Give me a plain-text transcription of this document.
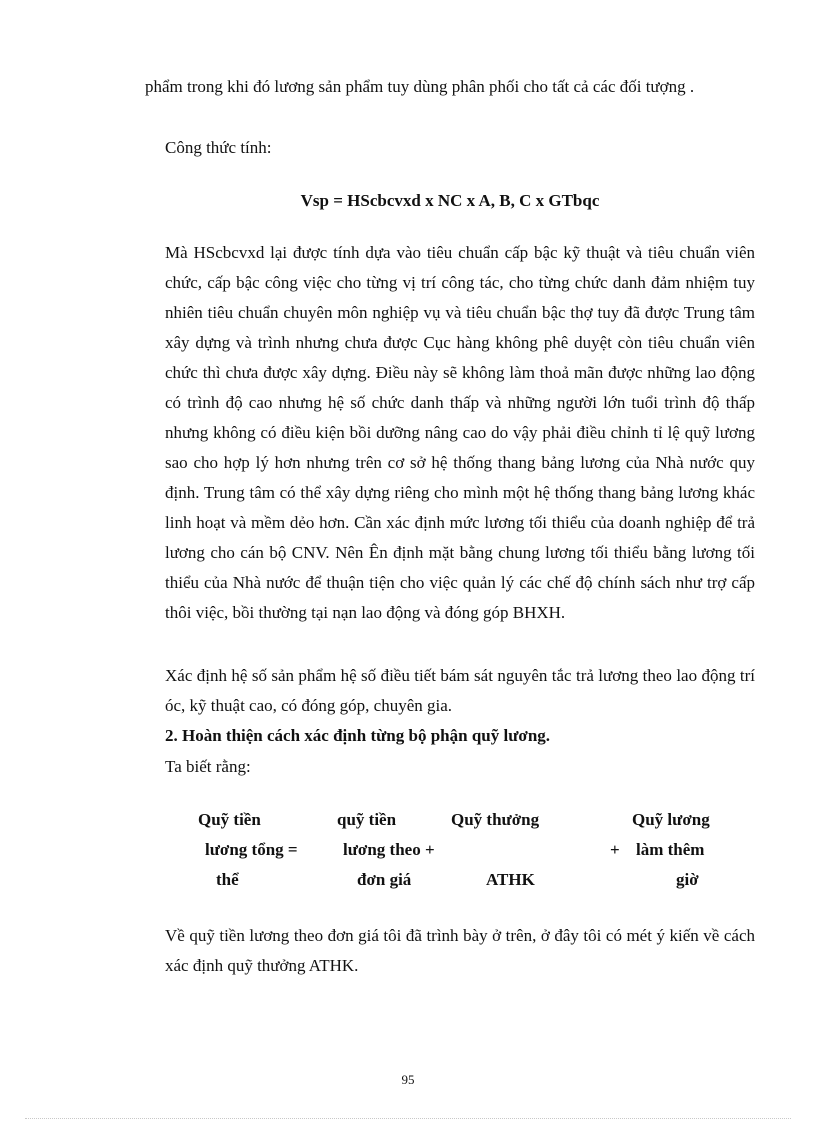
phẩm trong khi đó lương sản phẩm tuy dùng phân phối cho tất cả các đối tượng .

Công thức tính:

Vsp = HScbcvxd x NC x A, B, C x GTbqc

Mà HScbcvxd lại được tính dựa vào tiêu chuẩn cấp bậc kỹ thuật và tiêu chuẩn viên chức, cấp bậc công việc cho từng vị trí công tác, cho từng chức danh đảm nhiệm tuy nhiên tiêu chuẩn chuyên môn nghiệp vụ và tiêu chuẩn bậc thợ tuy đã được Trung tâm xây dựng và trình nhưng chưa được Cục hàng không phê duyệt còn tiêu chuẩn viên chức thì chưa được xây dựng. Điều này sẽ không làm thoả mãn được những lao động có trình độ cao nhưng hệ số chức danh thấp và những người lớn tuổi trình độ thấp nhưng không có điều kiện bồi dưỡng nâng cao do vậy phải điều chỉnh tỉ lệ quỹ lương sao cho hợp lý hơn nhưng trên cơ sở hệ thống thang bảng lương của Nhà nước quy định. Trung tâm có thể xây dựng riêng cho mình một hệ thống thang bảng lương khác linh hoạt và mềm dẻo hơn. Cần xác định mức lương tối thiểu của doanh nghiệp để trả lương cho cán bộ CNV. Nên Ên định mặt bằng chung lương tối thiểu bằng lương tối thiểu của Nhà nước để thuận tiện cho việc quản lý các chế độ chính sách như trợ cấp thôi việc, bồi thường tại nạn lao động và đóng góp BHXH.

Xác định hệ số sản phẩm hệ số điều tiết bám sát nguyên tắc trả lương theo lao động trí óc, kỹ thuật cao, có đóng góp, chuyên gia.

2. Hoàn thiện cách xác định từng bộ phận quỹ lương.

Ta biết rằng:

Quỹ tiền
lương tổng =
thể
quỹ tiền
lương theo +
đơn giá
Quỹ thưởng
ATHK
+
Quỹ lương
làm thêm
giờ

Về quỹ tiền lương theo đơn giá tôi đã trình bày ở trên, ở đây tôi có mét ý kiến về cách xác định quỹ thưởng ATHK.

95
